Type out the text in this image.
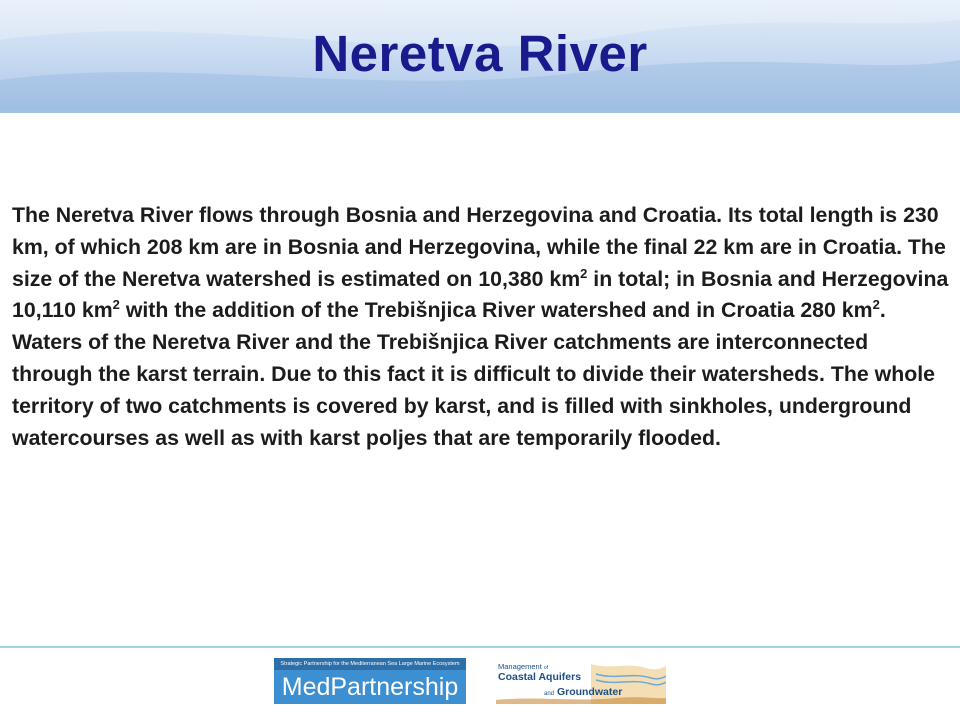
Neretva River
The Neretva River flows through Bosnia and Herzegovina and Croatia. Its total length is 230 km, of which 208 km are in Bosnia and Herzegovina, while the final 22 km are in Croatia. The size of the Neretva watershed is estimated on 10,380 $km^2$ in total; in Bosnia and Herzegovina 10,110 $km^2$ with the addition of the Trebišnjica River watershed and in Croatia 280 $km^2$. Waters of the Neretva River and the Trebišnjica River catchments are interconnected through the karst terrain. Due to this fact it is difficult to divide their watersheds. The whole territory of two catchments is covered by karst, and is filled with sinkholes, underground watercourses as well as with karst poljes that are temporarily flooded.
Strategic Partnership for the Mediterranean Sea Large Marine Ecosystem
MedPartnership
Management of
Coastal Aquifers
and Groundwater
